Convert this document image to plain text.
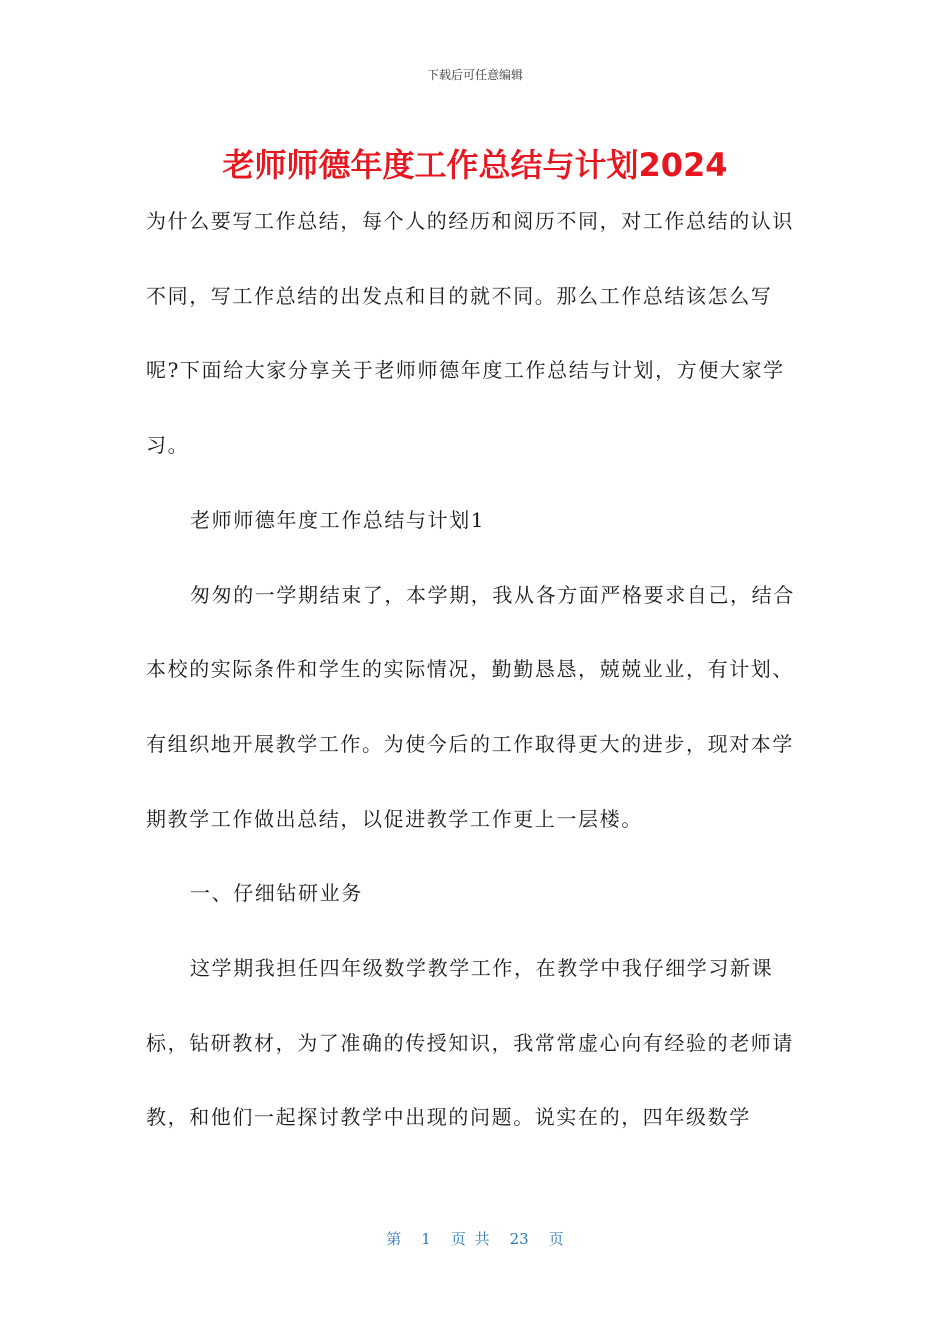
下载后可任意编辑
老师师德年度工作总结与计划2024

为什么要写工作总结，每个人的经历和阅历不同，对工作总结的认识不同，写工作总结的出发点和目的就不同。那么工作总结该怎么写呢?下面给大家分享关于老师师德年度工作总结与计划，方便大家学习。

老师师德年度工作总结与计划1

匆匆的一学期结束了，本学期，我从各方面严格要求自己，结合本校的实际条件和学生的实际情况，勤勤恳恳，兢兢业业，有计划、有组织地开展教学工作。为使今后的工作取得更大的进步，现对本学期教学工作做出总结，以促进教学工作更上一层楼。

一、仔细钻研业务

这学期我担任四年级数学教学工作，在教学中我仔细学习新课标，钻研教材，为了准确的传授知识，我常常虚心向有经验的老师请教，和他们一起探讨教学中出现的问题。说实在的，四年级数学

第 1 页 共 23 页
